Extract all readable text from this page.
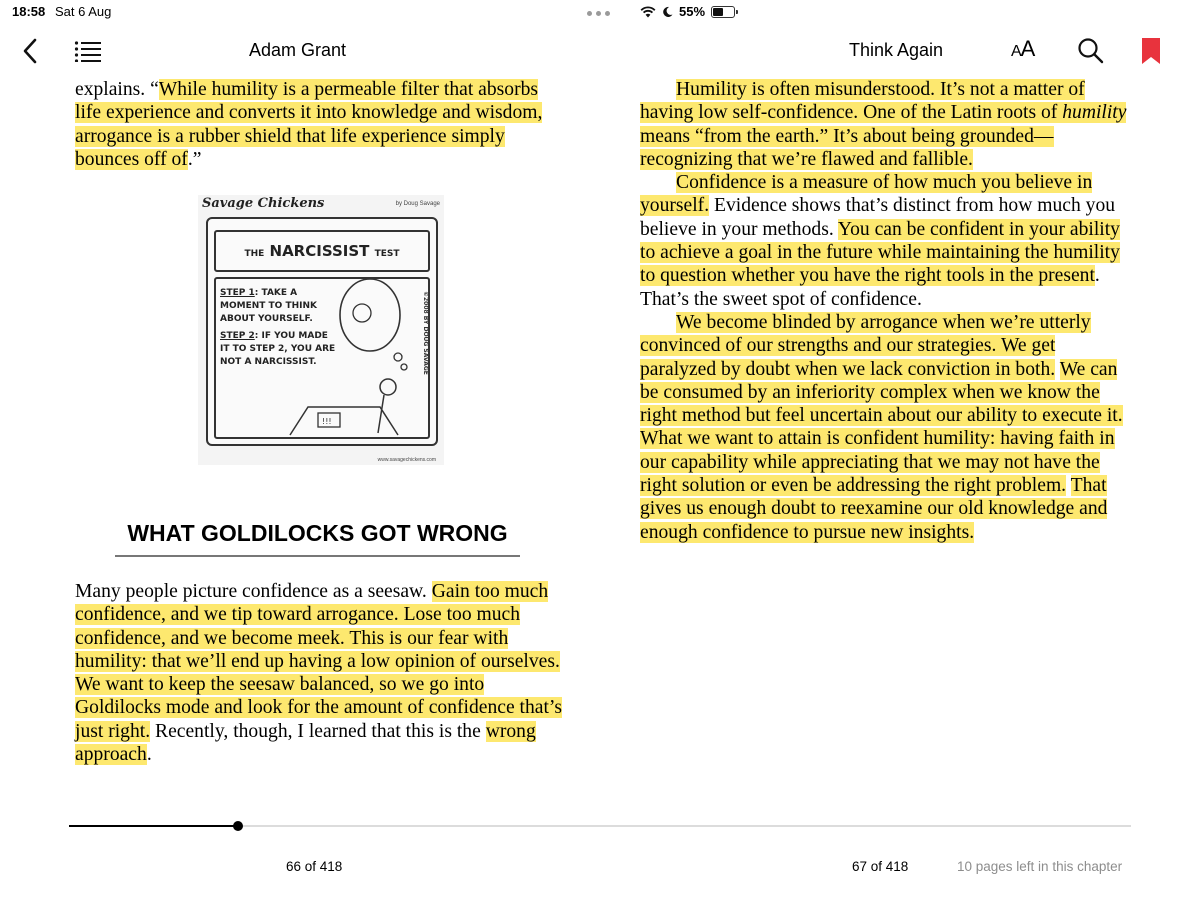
18:58 Sat 6 Aug	55%
Adam Grant	Think Again	AA

explains. “While humility is a permeable filter that absorbs life experience and converts it into knowledge and wisdom, arrogance is a rubber shield that life experience simply bounces off of.”

Savage Chickens	by Doug Savage
THE NARCISSIST TEST
STEP 1: TAKE A MOMENT TO THINK ABOUT YOURSELF.
STEP 2: IF YOU MADE IT TO STEP 2, YOU ARE NOT A NARCISSIST.
!!!
©2008 BY DOUG SAVAGE
www.savagechickens.com
WHAT GOLDILOCKS GOT WRONG
Many people picture confidence as a seesaw. Gain too much confidence, and we tip toward arrogance. Lose too much confidence, and we become meek. This is our fear with humility: that we’ll end up having a low opinion of ourselves. We want to keep the seesaw balanced, so we go into Goldilocks mode and look for the amount of confidence that’s just right. Recently, though, I learned that this is the wrong approach.

Humility is often misunderstood. It’s not a matter of having low self-confidence. One of the Latin roots of humility means “from the earth.” It’s about being grounded—recognizing that we’re flawed and fallible.

Confidence is a measure of how much you believe in yourself. Evidence shows that’s distinct from how much you believe in your methods. You can be confident in your ability to achieve a goal in the future while maintaining the humility to question whether you have the right tools in the present. That’s the sweet spot of confidence.

We become blinded by arrogance when we’re utterly convinced of our strengths and our strategies. We get paralyzed by doubt when we lack conviction in both. We can be consumed by an inferiority complex when we know the right method but feel uncertain about our ability to execute it. What we want to attain is confident humility: having faith in our capability while appreciating that we may not have the right solution or even be addressing the right problem. That gives us enough doubt to reexamine our old knowledge and enough confidence to pursue new insights.

66 of 418	67 of 418	10 pages left in this chapter
